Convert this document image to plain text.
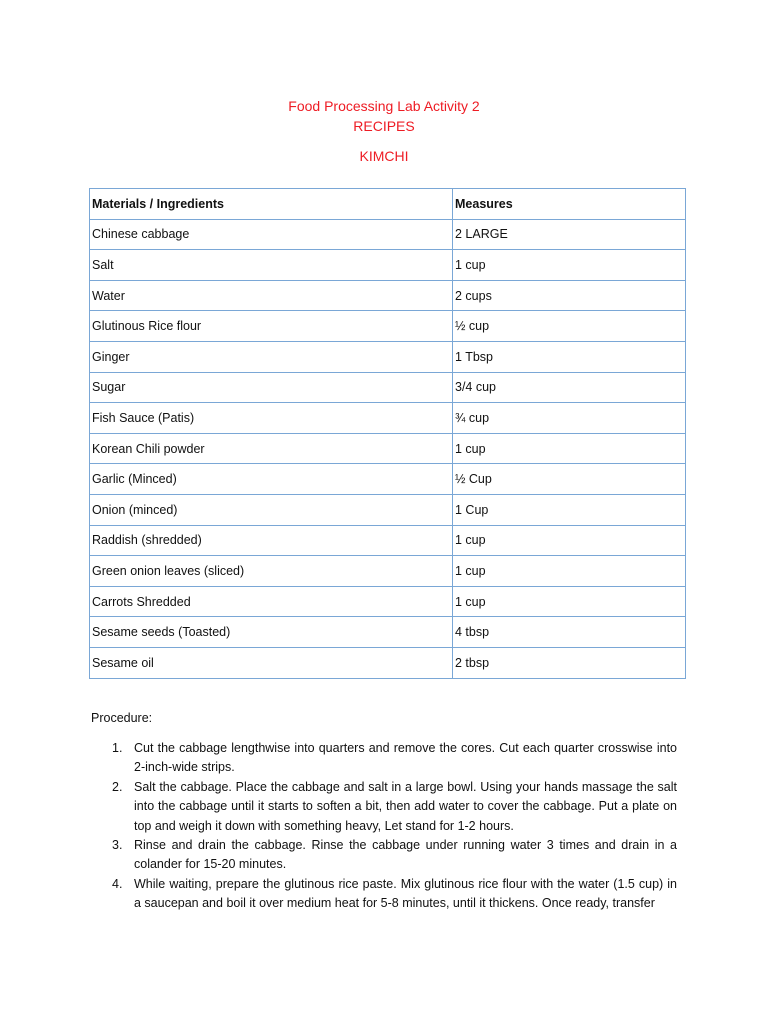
Food Processing Lab Activity 2
RECIPES
KIMCHI
Materials / Ingredients	Measures
Chinese cabbage	2 LARGE
Salt	1 cup
Water	2 cups
Glutinous Rice flour	½ cup
Ginger	1 Tbsp
Sugar	3/4 cup
Fish Sauce (Patis)	¾ cup
Korean Chili powder	1 cup
Garlic (Minced)	½ Cup
Onion (minced)	1 Cup
Raddish (shredded)	1 cup
Green onion leaves (sliced)	1 cup
Carrots Shredded	1 cup
Sesame seeds (Toasted)	4 tbsp
Sesame oil	2 tbsp
Procedure:
1. Cut the cabbage lengthwise into quarters and remove the cores. Cut each quarter crosswise into 2-inch-wide strips.
2. Salt the cabbage. Place the cabbage and salt in a large bowl. Using your hands massage the salt into the cabbage until it starts to soften a bit, then add water to cover the cabbage. Put a plate on top and weigh it down with something heavy, Let stand for 1-2 hours.
3. Rinse and drain the cabbage. Rinse the cabbage under running water 3 times and drain in a colander for 15-20 minutes.
4. While waiting, prepare the glutinous rice paste. Mix glutinous rice flour with the water (1.5 cup) in a saucepan and boil it over medium heat for 5-8 minutes, until it thickens. Once ready, transfer
